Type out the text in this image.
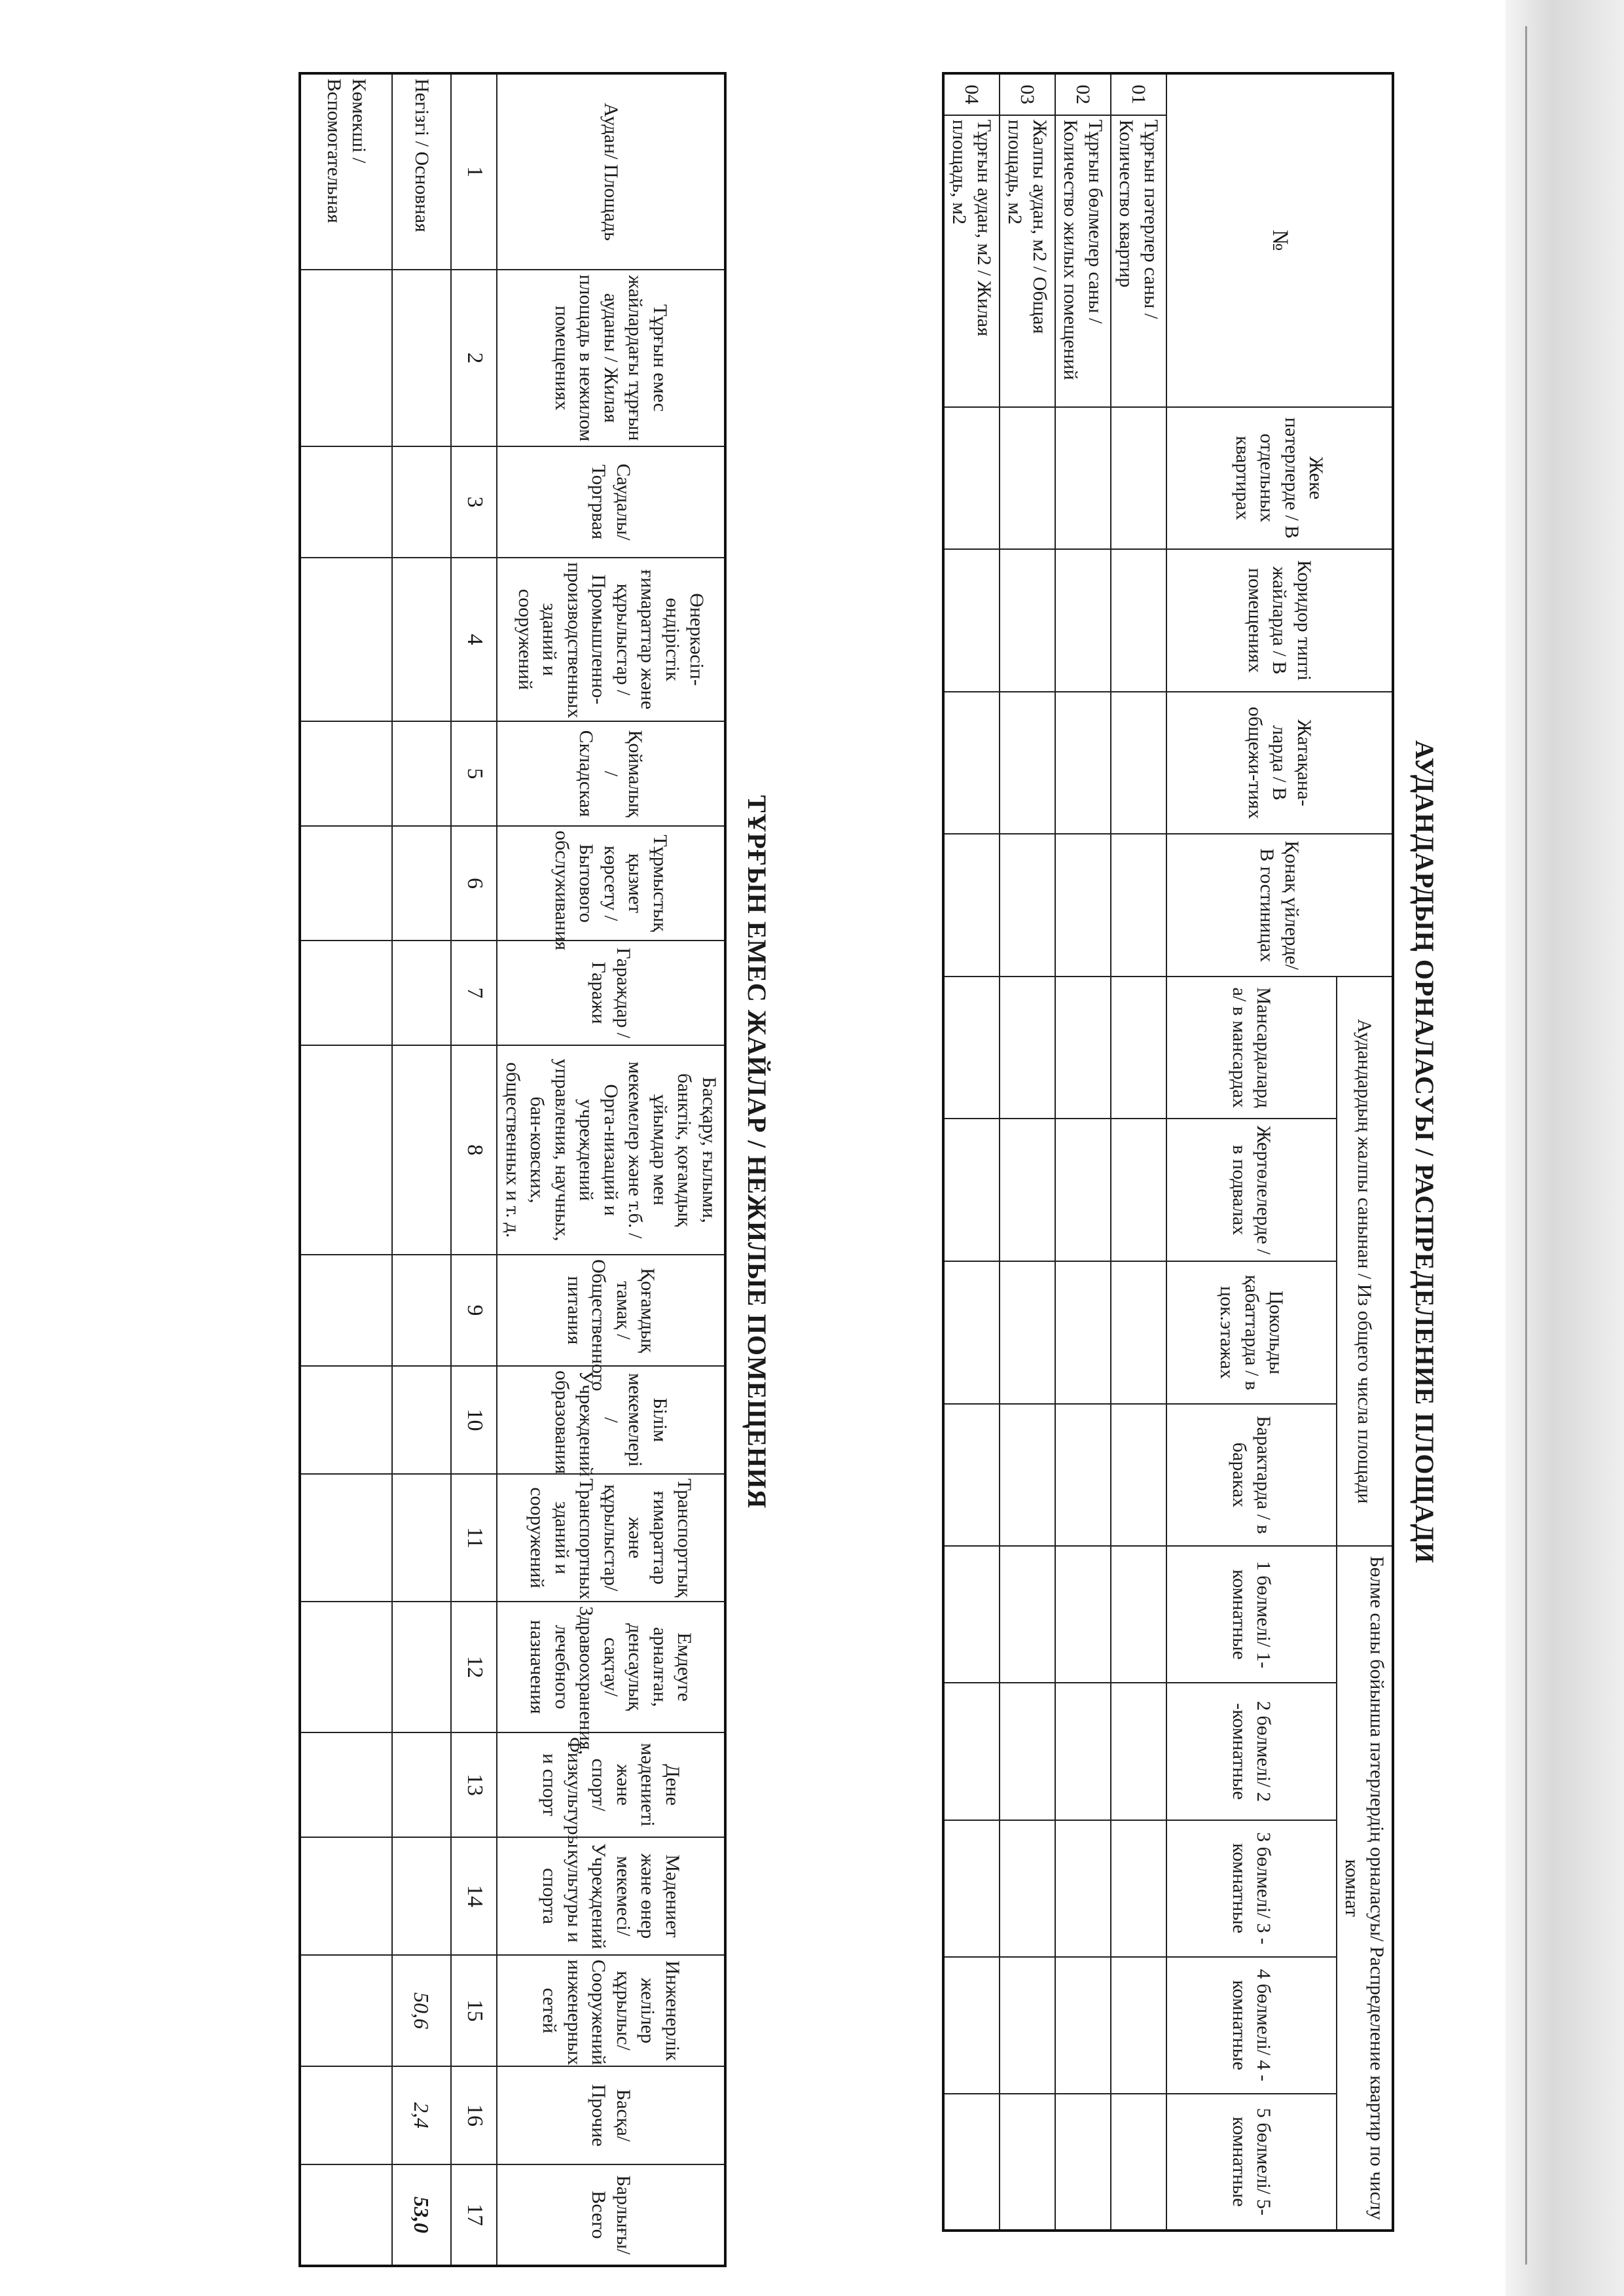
АУДАНДАРДЫҢ ОРНАЛАСУЫ / РАСПРЕДЕЛЕНИЕ ПЛОЩАДИ
№		Жеке пәтерлерде / В отдельных квартирах	Коридор типті жайларда / В помещениях	Жатақана-ларда / В общежи-тиях	Қонақ үйлерде/ В гостиницах	Аудандардың жалпы санынан / Из общего числа площади				Бөлме саны бойынша пәтерлердің орналасуы/ Распределение квартир по числу комнат				
						Мансардалард а/ в мансардах	Жертөлелерде / в подвалах	Цокольды қабаттарда / в цок.этажах	Барактарда / в бараках	1 бөлмелі/ 1-комнатные	2 бөлмелі/ 2 -комнатные	3 бөлмелі/ 3 - комнатные	4 бөлмелі/ 4 - комнатные	5 бөлмелі/ 5-комнатные
01	Тұрғын пәтерлер саны / Количество квартир													
02	Тұрғын бөлмелер саны / Количество жилых помещений													
03	Жалпы аудан, м2 / Общая площадь, м2													
04	Тұрғын аудан, м2 / Жилая площадь, м2													
ТҰРҒЫН ЕМЕС ЖАЙЛАР / НЕЖИЛЫЕ ПОМЕЩЕНИЯ
Аудан/ Площадь	Тұрғын емес жайлардағы тұрғын ауданы / Жилая площадь в нежилом помещениях	Саудалы/ Торгрвая	Өнеркәсіп-өндірістік ғимараттар және құрылыстар / Промышленно-производственных зданий и сооружений	Қоймалық / Складская	Тұрмыстық қызмет көрсету / Бытового обслуживания	Гараждар / Гаражи	Басқару, ғылыми, банктік, қоғамдық ұйымдар мен мекемелер және т.б. / Орга-низаций и учреждений управления, научных, бан-ковских, общественных и т. д.	Қоғамдық тамақ / Общественного питания	Білім мекемелері / Учреждений образования	Транспорттық ғимараттар және құрылыстар/ Транспортных зданий и сооружений	Емдеуге арналған, денсаулық сақтау/ Здравоохранения, лечебного назначения	Дене мәдениеті және спорт/ Физкультуры и спорт	Мәдениет және өнер мекемесі/ Учреждений культуры и спорта	Инженерлік желілер құрылыс/ Сооружений инженерных сетей	Басқа/ Прочие	Барлығы/ Всего
1	2	3	4	5	6	7	8	9	10	11	12	13	14	15	16	17
Негізгі / Основная														50,6	2,4	53,0
Көмекші / Вспомогательная																
